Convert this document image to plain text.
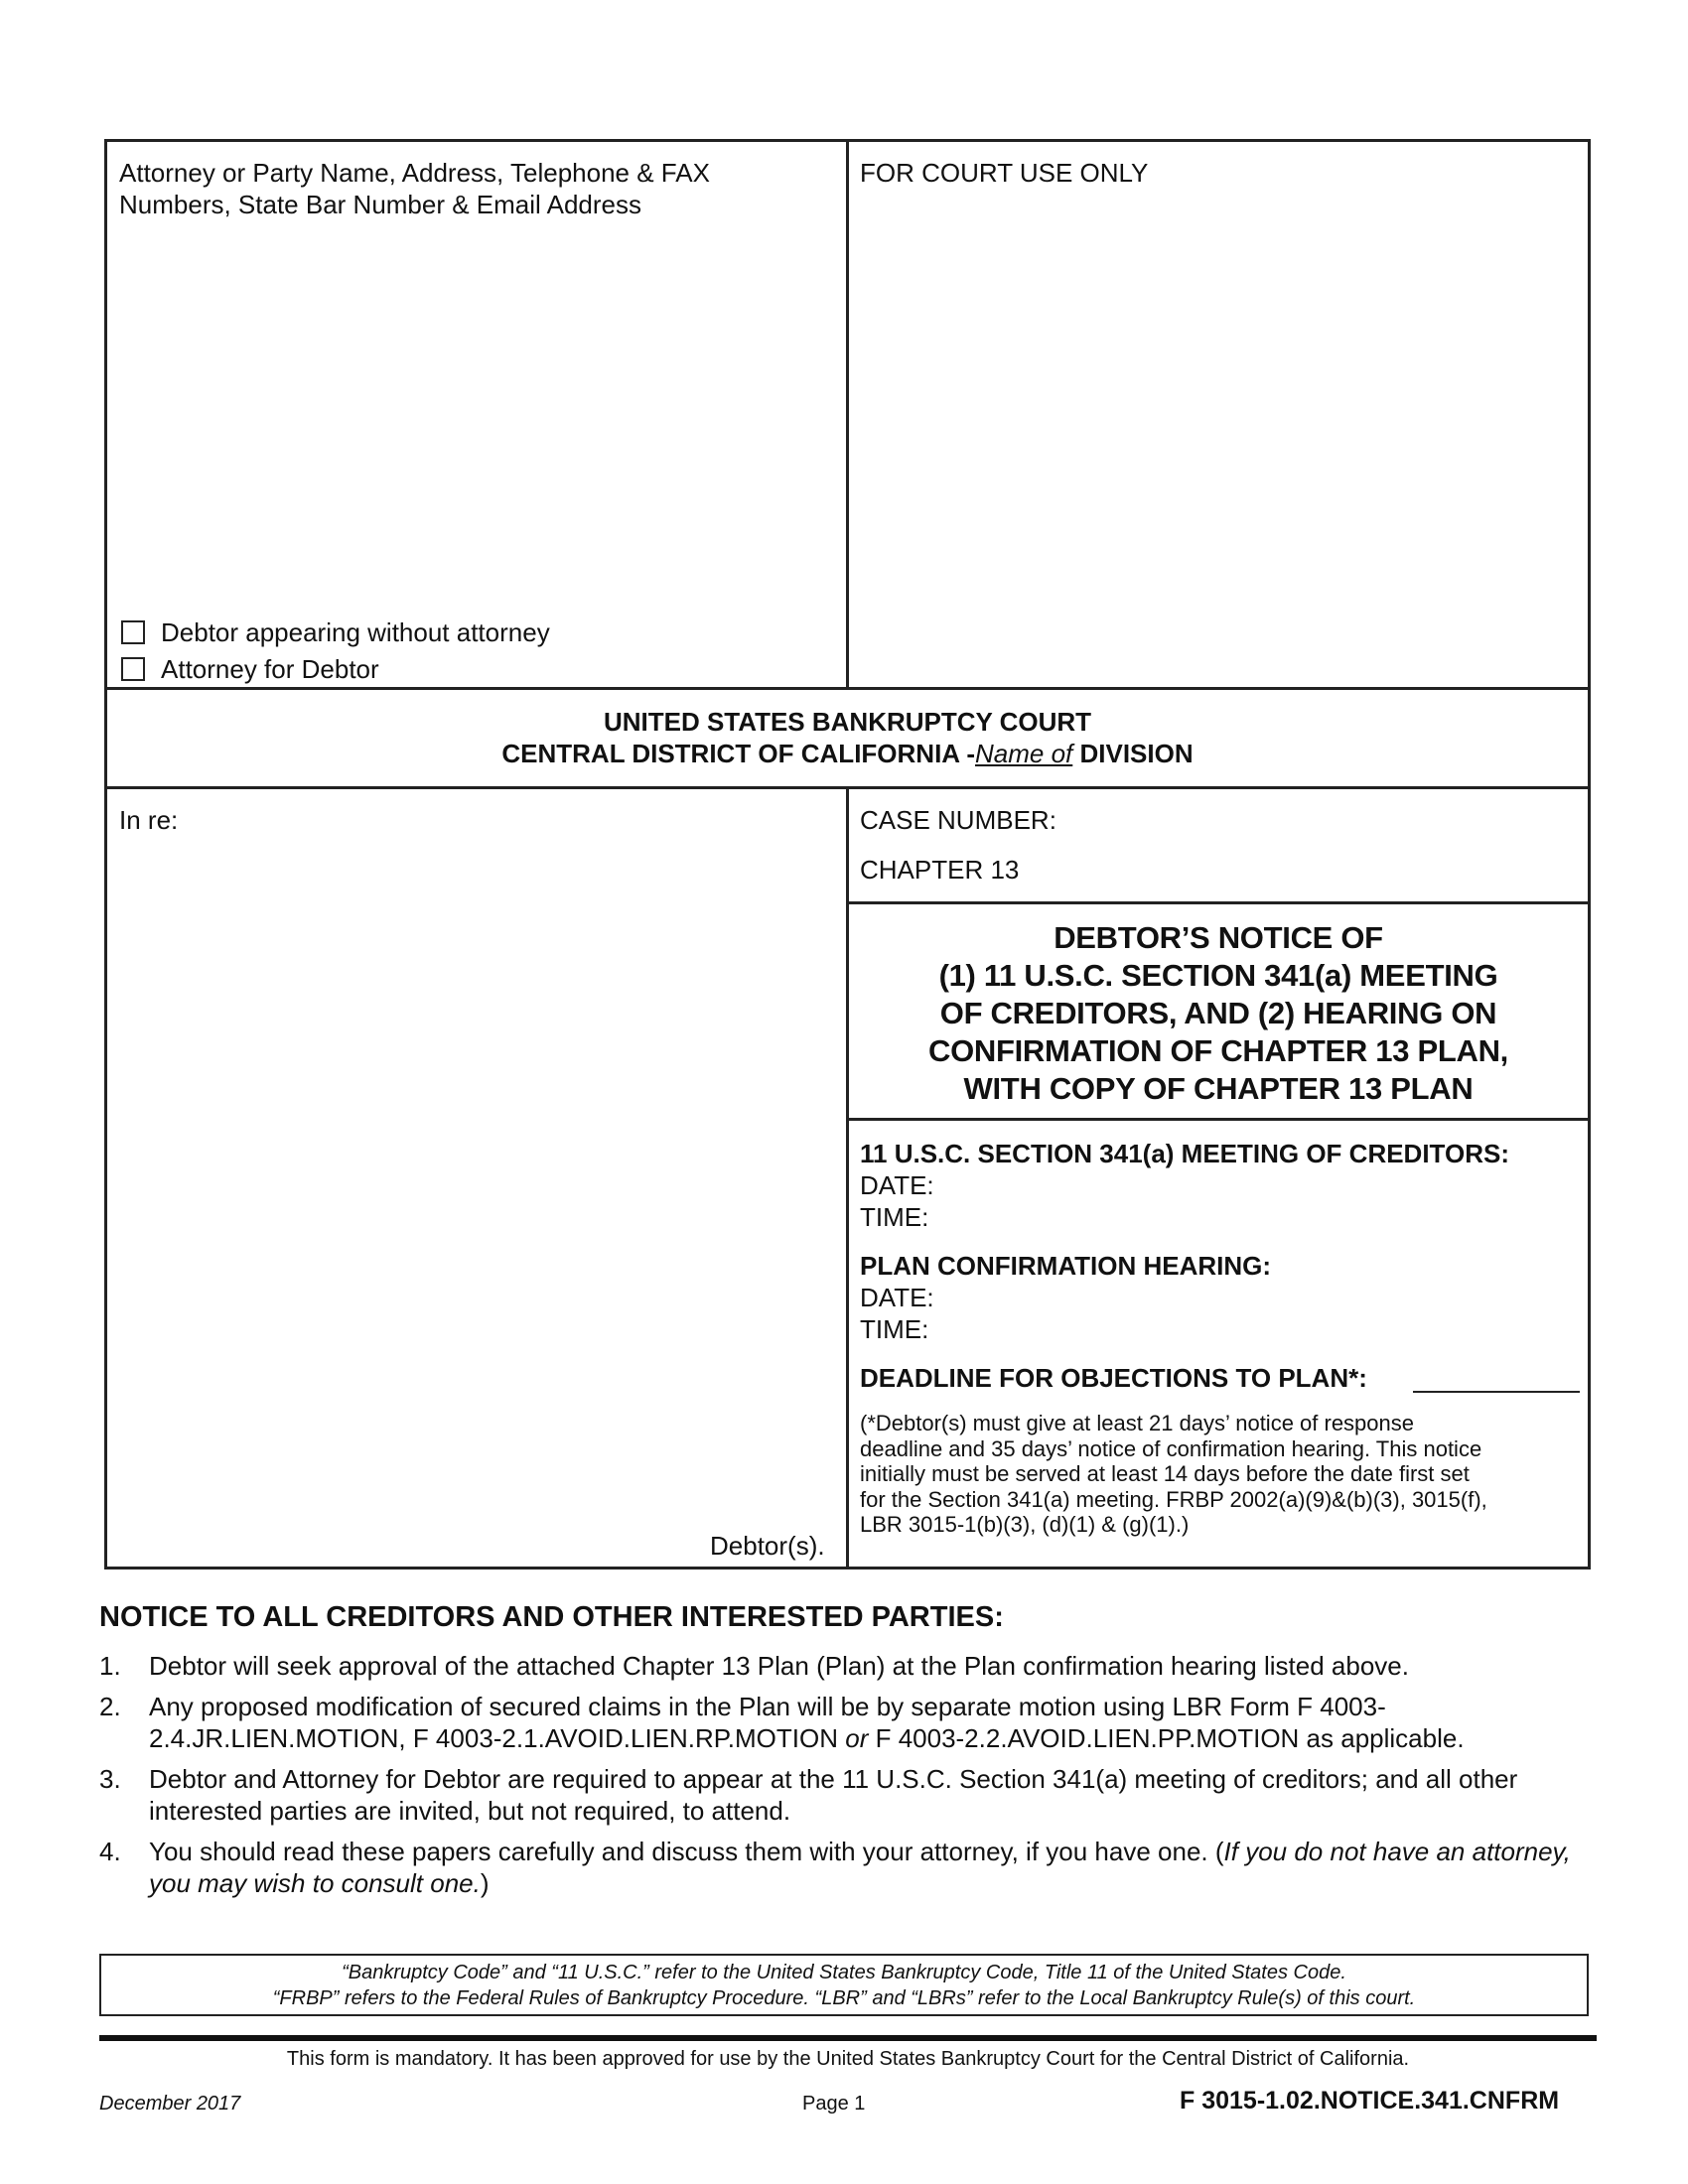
Attorney or Party Name, Address, Telephone & FAX
Numbers, State Bar Number & Email Address
Debtor appearing without attorney
Attorney for Debtor
FOR COURT USE ONLY
UNITED STATES BANKRUPTCY COURT
CENTRAL DISTRICT OF CALIFORNIA -Name of DIVISION
In re:
Debtor(s).
CASE NUMBER:
CHAPTER 13
DEBTOR’S NOTICE OF
(1) 11 U.S.C. SECTION 341(a) MEETING
OF CREDITORS, AND (2) HEARING ON
CONFIRMATION OF CHAPTER 13 PLAN,
WITH COPY OF CHAPTER 13 PLAN
11 U.S.C. SECTION 341(a) MEETING OF CREDITORS:
DATE:
TIME:
PLAN CONFIRMATION HEARING:
DATE:
TIME:
DEADLINE FOR OBJECTIONS TO PLAN*:
(*Debtor(s) must give at least 21 days’ notice of response
deadline and 35 days’ notice of confirmation hearing. This notice
initially must be served at least 14 days before the date first set
for the Section 341(a) meeting. FRBP 2002(a)(9)&(b)(3), 3015(f),
LBR 3015-1(b)(3), (d)(1) & (g)(1).)
NOTICE TO ALL CREDITORS AND OTHER INTERESTED PARTIES:
1.	Debtor will seek approval of the attached Chapter 13 Plan (Plan) at the Plan confirmation hearing listed above.
2.	Any proposed modification of secured claims in the Plan will be by separate motion using LBR Form F 4003-2.4.JR.LIEN.MOTION, F 4003-2.1.AVOID.LIEN.RP.MOTION or F 4003-2.2.AVOID.LIEN.PP.MOTION as applicable.
3.	Debtor and Attorney for Debtor are required to appear at the 11 U.S.C. Section 341(a) meeting of creditors; and all other interested parties are invited, but not required, to attend.
4.	You should read these papers carefully and discuss them with your attorney, if you have one. (If you do not have an attorney, you may wish to consult one.)
“Bankruptcy Code” and “11 U.S.C.” refer to the United States Bankruptcy Code, Title 11 of the United States Code.
“FRBP” refers to the Federal Rules of Bankruptcy Procedure. “LBR” and “LBRs” refer to the Local Bankruptcy Rule(s) of this court.
This form is mandatory. It has been approved for use by the United States Bankruptcy Court for the Central District of California.
December 2017	Page 1	F 3015-1.02.NOTICE.341.CNFRM
